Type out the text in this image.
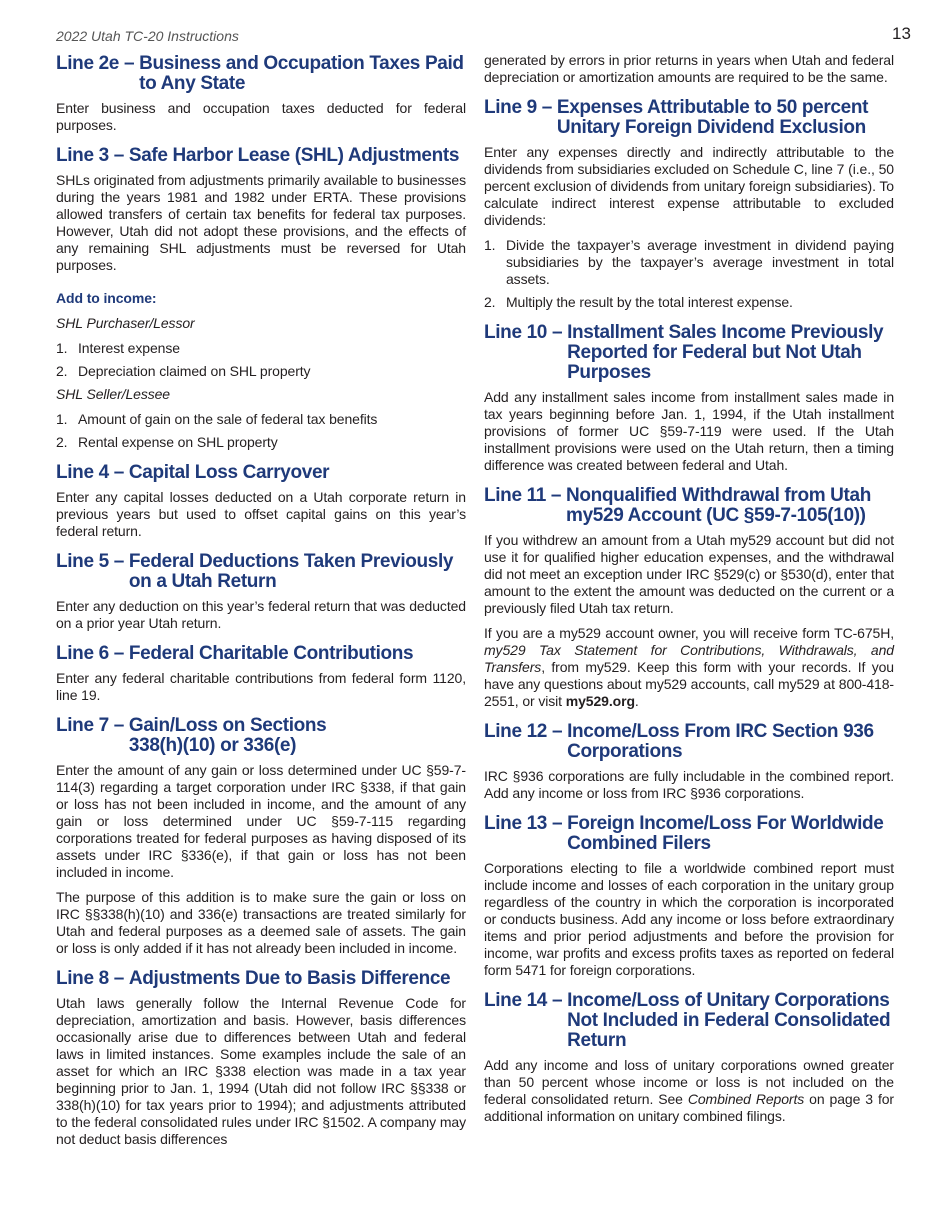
2022 Utah TC-20 Instructions	13
Line 2e – Business and Occupation Taxes Paid to Any State

Enter business and occupation taxes deducted for federal purposes.

Line 3 – Safe Harbor Lease (SHL) Adjustments

SHLs originated from adjustments primarily available to businesses during the years 1981 and 1982 under ERTA. These provisions allowed transfers of certain tax benefits for federal tax purposes. However, Utah did not adopt these provisions, and the effects of any remaining SHL adjustments must be reversed for Utah purposes.

Add to income:

SHL Purchaser/Lessor

1. Interest expense
2. Depreciation claimed on SHL property

SHL Seller/Lessee

1. Amount of gain on the sale of federal tax benefits
2. Rental expense on SHL property
Line 4 – Capital Loss Carryover

Enter any capital losses deducted on a Utah corporate return in previous years but used to offset capital gains on this year’s federal return.

Line 5 – Federal Deductions Taken Previously on a Utah Return

Enter any deduction on this year’s federal return that was deducted on a prior year Utah return.

Line 6 – Federal Charitable Contributions

Enter any federal charitable contributions from federal form 1120, line 19.

Line 7 – Gain/Loss on Sections 338(h)(10) or 336(e)

Enter the amount of any gain or loss determined under UC §59-7-114(3) regarding a target corporation under IRC §338, if that gain or loss has not been included in income, and the amount of any gain or loss determined under UC §59-7-115 regarding corporations treated for federal purposes as having disposed of its assets under IRC §336(e), if that gain or loss has not been included in income.

The purpose of this addition is to make sure the gain or loss on IRC §§338(h)(10) and 336(e) transactions are treated similarly for Utah and federal purposes as a deemed sale of assets. The gain or loss is only added if it has not already been included in income.

Line 8 – Adjustments Due to Basis Difference

Utah laws generally follow the Internal Revenue Code for depreciation, amortization and basis. However, basis differences occasionally arise due to differences between Utah and federal laws in limited instances. Some examples include the sale of an asset for which an IRC §338 election was made in a tax year beginning prior to Jan. 1, 1994 (Utah did not follow IRC §§338 or 338(h)(10) for tax years prior to 1994); and adjustments attributed to the federal consolidated rules under IRC §1502. A company may not deduct basis differences

generated by errors in prior returns in years when Utah and federal depreciation or amortization amounts are required to be the same.

Line 9 – Expenses Attributable to 50 percent Unitary Foreign Dividend Exclusion

Enter any expenses directly and indirectly attributable to the dividends from subsidiaries excluded on Schedule C, line 7 (i.e., 50 percent exclusion of dividends from unitary foreign subsidiaries). To calculate indirect interest expense attributable to excluded dividends:

1. Divide the taxpayer’s average investment in dividend paying subsidiaries by the taxpayer’s average investment in total assets.
2. Multiply the result by the total interest expense.
Line 10 – Installment Sales Income Previously Reported for Federal but Not Utah Purposes

Add any installment sales income from installment sales made in tax years beginning before Jan. 1, 1994, if the Utah installment provisions of former UC §59-7-119 were used. If the Utah installment provisions were used on the Utah return, then a timing difference was created between federal and Utah.

Line 11 – Nonqualified Withdrawal from Utah my529 Account (UC §59-7-105(10))

If you withdrew an amount from a Utah my529 account but did not use it for qualified higher education expenses, and the withdrawal did not meet an exception under IRC §529(c) or §530(d), enter that amount to the extent the amount was deducted on the current or a previously filed Utah tax return.

If you are a my529 account owner, you will receive form TC-675H, my529 Tax Statement for Contributions, Withdrawals, and Transfers, from my529. Keep this form with your records. If you have any questions about my529 accounts, call my529 at 800-418-2551, or visit my529.org.

Line 12 – Income/Loss From IRC Section 936 Corporations

IRC §936 corporations are fully includable in the combined report. Add any income or loss from IRC §936 corporations.

Line 13 – Foreign Income/Loss For Worldwide Combined Filers

Corporations electing to file a worldwide combined report must include income and losses of each corporation in the unitary group regardless of the country in which the corporation is incorporated or conducts business. Add any income or loss before extraordinary items and prior period adjustments and before the provision for income, war profits and excess profits taxes as reported on federal form 5471 for foreign corporations.

Line 14 – Income/Loss of Unitary Corporations Not Included in Federal Consolidated Return

Add any income and loss of unitary corporations owned greater than 50 percent whose income or loss is not included on the federal consolidated return. See Combined Reports on page 3 for additional information on unitary combined filings.
